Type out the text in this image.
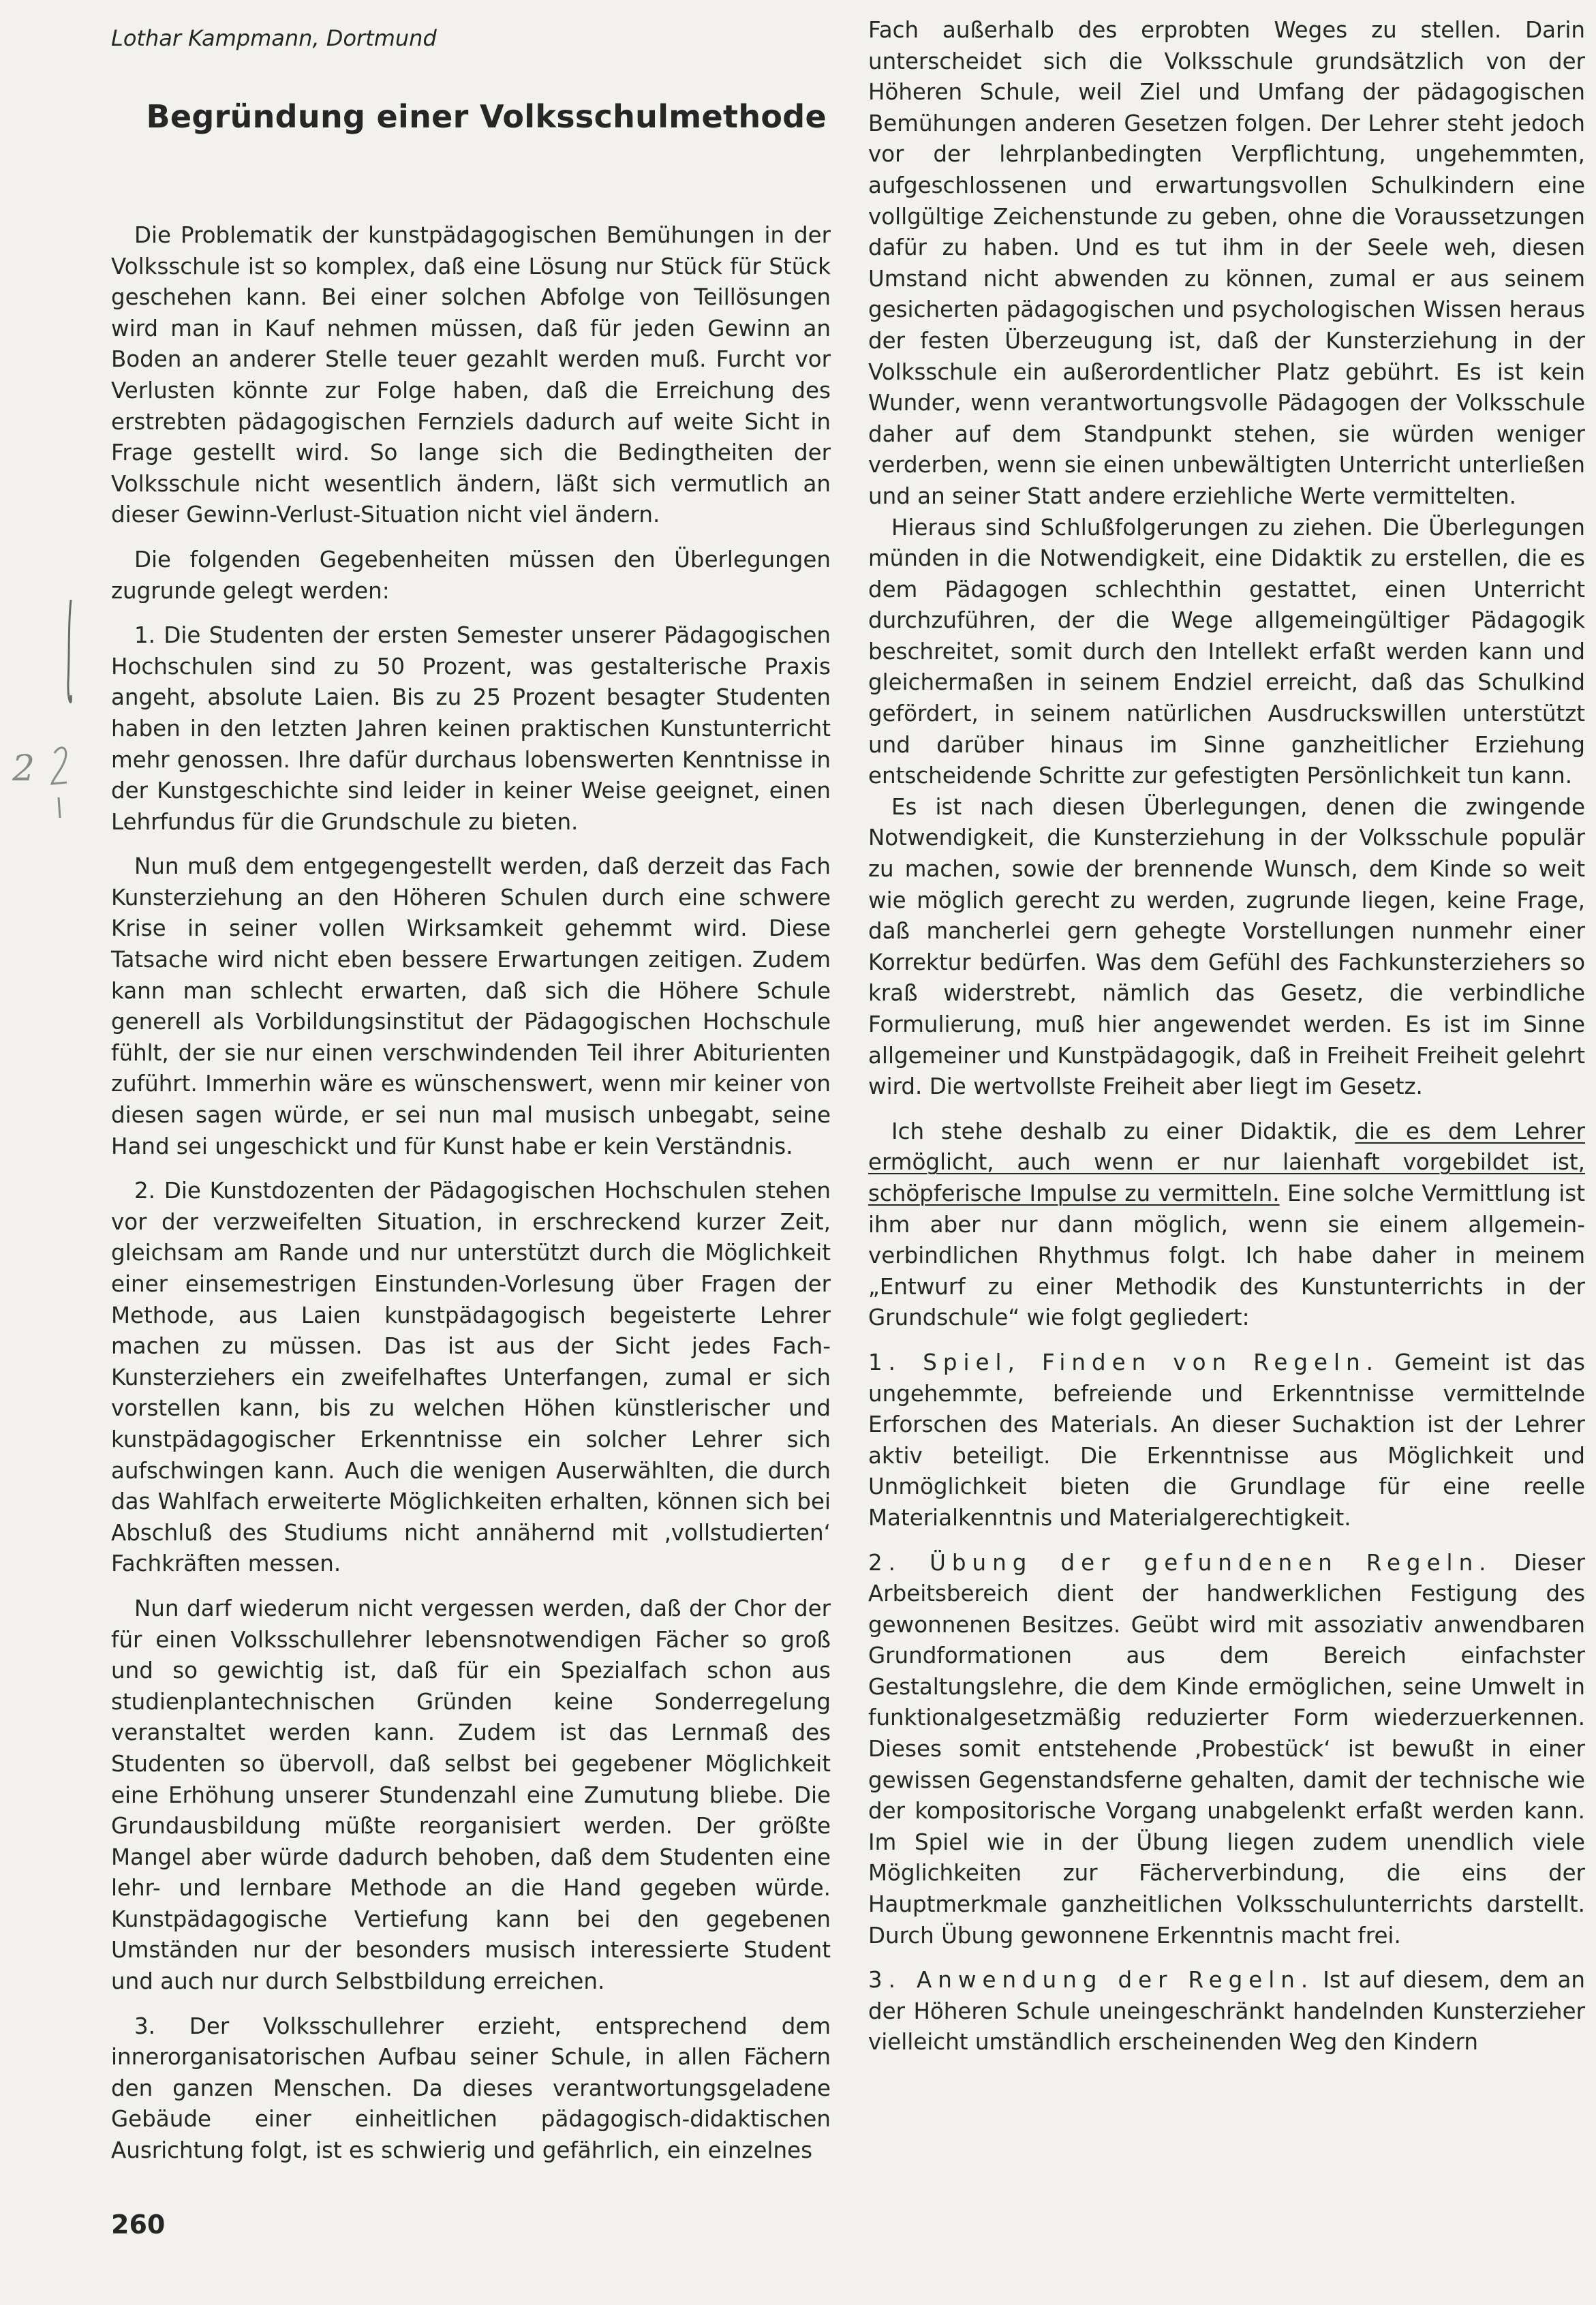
Lothar Kampmann, Dortmund
Begründung einer Volksschulmethode

Die Problematik der kunstpädagogischen Bemühungen in der Volksschule ist so komplex, daß eine Lösung nur Stück für Stück geschehen kann. Bei einer solchen Abfolge von Teillösungen wird man in Kauf nehmen müssen, daß für jeden Gewinn an Boden an anderer Stelle teuer gezahlt werden muß. Furcht vor Verlusten könnte zur Folge haben, daß die Erreichung des erstrebten pädagogischen Fernziels dadurch auf weite Sicht in Frage gestellt wird. So lange sich die Bedingtheiten der Volksschule nicht wesentlich ändern, läßt sich vermutlich an dieser Gewinn-Verlust-Situation nicht viel ändern.

Die folgenden Gegebenheiten müssen den Überlegungen zugrunde gelegt werden:

1. Die Studenten der ersten Semester unserer Pädagogischen Hochschulen sind zu 50 Prozent, was gestalterische Praxis angeht, absolute Laien. Bis zu 25 Prozent besagter Studenten haben in den letzten Jahren keinen praktischen Kunstunterricht mehr genossen. Ihre dafür durchaus lobenswerten Kenntnisse in der Kunstgeschichte sind leider in keiner Weise geeignet, einen Lehrfundus für die Grundschule zu bieten.

Nun muß dem entgegengestellt werden, daß derzeit das Fach Kunsterziehung an den Höheren Schulen durch eine schwere Krise in seiner vollen Wirksamkeit gehemmt wird. Diese Tatsache wird nicht eben bessere Erwartungen zeitigen. Zudem kann man schlecht erwarten, daß sich die Höhere Schule generell als Vorbildungsinstitut der Pädagogischen Hochschule fühlt, der sie nur einen verschwindenden Teil ihrer Abiturienten zuführt. Immerhin wäre es wünschenswert, wenn mir keiner von diesen sagen würde, er sei nun mal musisch unbegabt, seine Hand sei ungeschickt und für Kunst habe er kein Verständnis.

2. Die Kunstdozenten der Pädagogischen Hochschulen stehen vor der verzweifelten Situation, in erschreckend kurzer Zeit, gleichsam am Rande und nur unterstützt durch die Möglichkeit einer einsemestrigen Einstunden-Vorlesung über Fragen der Methode, aus Laien kunstpädagogisch begeisterte Lehrer machen zu müssen. Das ist aus der Sicht jedes Fach-Kunsterziehers ein zweifelhaftes Unterfangen, zumal er sich vorstellen kann, bis zu welchen Höhen künstlerischer und kunstpädagogischer Erkenntnisse ein solcher Lehrer sich aufschwingen kann. Auch die wenigen Auserwählten, die durch das Wahlfach erweiterte Möglichkeiten erhalten, können sich bei Abschluß des Studiums nicht annähernd mit ‚vollstudierten‘ Fachkräften messen.

Nun darf wiederum nicht vergessen werden, daß der Chor der für einen Volksschullehrer lebensnotwendigen Fächer so groß und so gewichtig ist, daß für ein Spezialfach schon aus studienplantechnischen Gründen keine Sonderregelung veranstaltet werden kann. Zudem ist das Lernmaß des Studenten so übervoll, daß selbst bei gegebener Möglichkeit eine Erhöhung unserer Stundenzahl eine Zumutung bliebe. Die Grundausbildung müßte reorganisiert werden. Der größte Mangel aber würde dadurch behoben, daß dem Studenten eine lehr- und lernbare Methode an die Hand gegeben würde. Kunstpädagogische Vertiefung kann bei den gegebenen Umständen nur der besonders musisch interessierte Student und auch nur durch Selbstbildung erreichen.

3. Der Volksschullehrer erzieht, entsprechend dem innerorganisatorischen Aufbau seiner Schule, in allen Fächern den ganzen Menschen. Da dieses verantwortungsgeladene Gebäude einer einheitlichen pädagogisch-didaktischen Ausrichtung folgt, ist es schwierig und gefährlich, ein einzelnes

Fach außerhalb des erprobten Weges zu stellen. Darin unterscheidet sich die Volksschule grundsätzlich von der Höheren Schule, weil Ziel und Umfang der pädagogischen Bemühungen anderen Gesetzen folgen. Der Lehrer steht jedoch vor der lehrplanbedingten Verpflichtung, ungehemmten, aufgeschlossenen und erwartungsvollen Schulkindern eine vollgültige Zeichenstunde zu geben, ohne die Voraussetzungen dafür zu haben. Und es tut ihm in der Seele weh, diesen Umstand nicht abwenden zu können, zumal er aus seinem gesicherten pädagogischen und psychologischen Wissen heraus der festen Überzeugung ist, daß der Kunsterziehung in der Volksschule ein außerordentlicher Platz gebührt. Es ist kein Wunder, wenn verantwortungsvolle Pädagogen der Volksschule daher auf dem Standpunkt stehen, sie würden weniger verderben, wenn sie einen unbewältigten Unterricht unterließen und an seiner Statt andere erziehliche Werte vermittelten.

Hieraus sind Schlußfolgerungen zu ziehen. Die Überlegungen münden in die Notwendigkeit, eine Didaktik zu erstellen, die es dem Pädagogen schlechthin gestattet, einen Unterricht durchzuführen, der die Wege allgemeingültiger Pädagogik beschreitet, somit durch den Intellekt erfaßt werden kann und gleichermaßen in seinem Endziel erreicht, daß das Schulkind gefördert, in seinem natürlichen Ausdruckswillen unterstützt und darüber hinaus im Sinne ganzheitlicher Erziehung entscheidende Schritte zur gefestigten Persönlichkeit tun kann.

Es ist nach diesen Überlegungen, denen die zwingende Notwendigkeit, die Kunsterziehung in der Volksschule populär zu machen, sowie der brennende Wunsch, dem Kinde so weit wie möglich gerecht zu werden, zugrunde liegen, keine Frage, daß mancherlei gern gehegte Vorstellungen nunmehr einer Korrektur bedürfen. Was dem Gefühl des Fachkunsterziehers so kraß widerstrebt, nämlich das Gesetz, die verbindliche Formulierung, muß hier angewendet werden. Es ist im Sinne allgemeiner und Kunstpädagogik, daß in Freiheit Freiheit gelehrt wird. Die wertvollste Freiheit aber liegt im Gesetz.

Ich stehe deshalb zu einer Didaktik, die es dem Lehrer ermöglicht, auch wenn er nur laienhaft vorgebildet ist, schöpferische Impulse zu vermitteln. Eine solche Vermittlung ist ihm aber nur dann möglich, wenn sie einem allgemein-verbindlichen Rhythmus folgt. Ich habe daher in meinem „Entwurf zu einer Methodik des Kunstunterrichts in der Grundschule“ wie folgt gegliedert:

1. Spiel, Finden von Regeln. Gemeint ist das ungehemmte, befreiende und Erkenntnisse vermittelnde Erforschen des Materials. An dieser Suchaktion ist der Lehrer aktiv beteiligt. Die Erkenntnisse aus Möglichkeit und Unmöglichkeit bieten die Grundlage für eine reelle Materialkenntnis und Materialgerechtigkeit.

2. Übung der gefundenen Regeln. Dieser Arbeitsbereich dient der handwerklichen Festigung des gewonnenen Besitzes. Geübt wird mit assoziativ anwendbaren Grundformationen aus dem Bereich einfachster Gestaltungslehre, die dem Kinde ermöglichen, seine Umwelt in funktionalgesetzmäßig reduzierter Form wiederzuerkennen. Dieses somit entstehende ‚Probestück‘ ist bewußt in einer gewissen Gegenstandsferne gehalten, damit der technische wie der kompositorische Vorgang unabgelenkt erfaßt werden kann. Im Spiel wie in der Übung liegen zudem unendlich viele Möglichkeiten zur Fächerverbindung, die eins der Hauptmerkmale ganzheitlichen Volksschulunterrichts darstellt. Durch Übung gewonnene Erkenntnis macht frei.

3. Anwendung der Regeln. Ist auf diesem, dem an der Höheren Schule uneingeschränkt handelnden Kunsterzieher vielleicht umständlich erscheinenden Weg den Kindern

260
2
